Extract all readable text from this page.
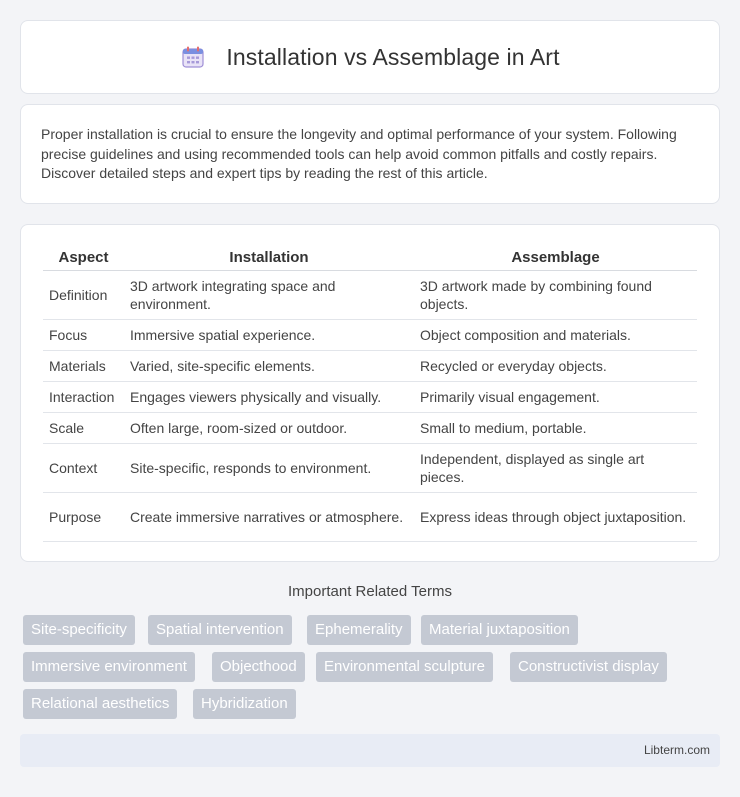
Installation vs Assemblage in Art

Proper installation is crucial to ensure the longevity and optimal performance of your system. Following precise guidelines and using recommended tools can help avoid common pitfalls and costly repairs. Discover detailed steps and expert tips by reading the rest of this article.

Aspect	Installation	Assemblage
Definition	3D artwork integrating space and environment.	3D artwork made by combining found objects.
Focus	Immersive spatial experience.	Object composition and materials.
Materials	Varied, site-specific elements.	Recycled or everyday objects.
Interaction	Engages viewers physically and visually.	Primarily visual engagement.
Scale	Often large, room-sized or outdoor.	Small to medium, portable.
Context	Site-specific, responds to environment.	Independent, displayed as single art pieces.
Purpose	Create immersive narratives or atmosphere.	Express ideas through object juxtaposition.
Important Related Terms
Site-specificity	Spatial intervention	Ephemerality	Material juxtaposition
Immersive environment	Objecthood	Environmental sculpture	Constructivist display
Relational aesthetics	Hybridization
Libterm.com
